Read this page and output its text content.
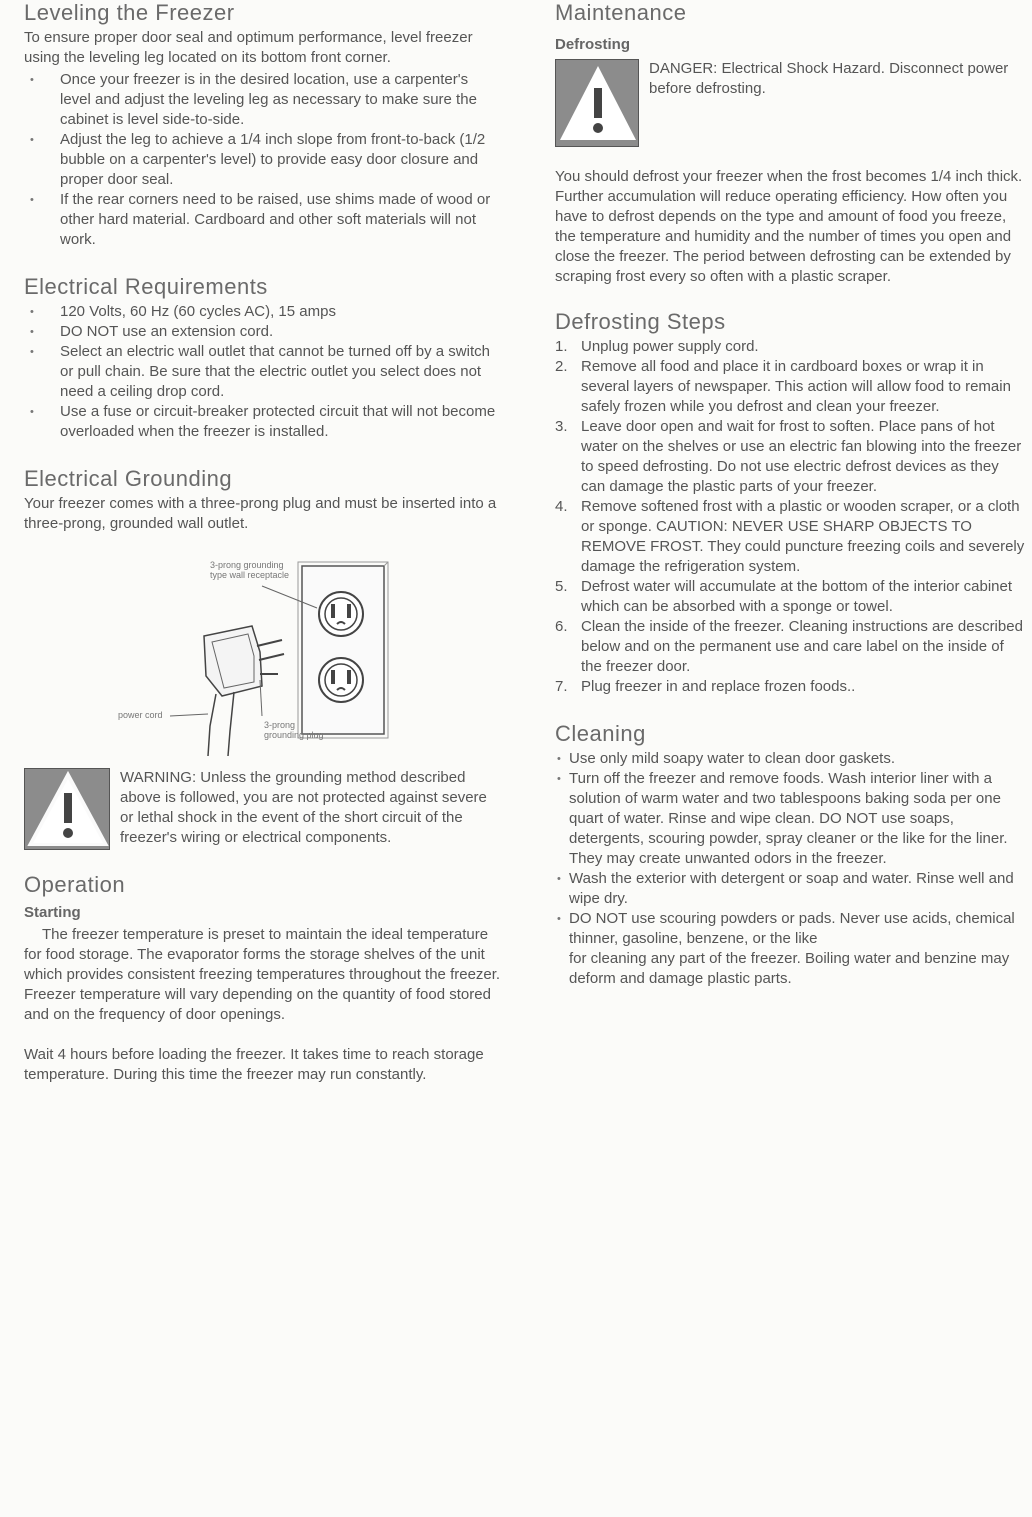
Leveling the Freezer

To ensure proper door seal and optimum performance, level freezer using the leveling leg located on its bottom front corner.

• Once your freezer is in the desired location, use a carpenter's level and adjust the leveling leg as necessary to make sure the cabinet is level side-to-side.
• Adjust the leg to achieve a 1/4 inch slope from front-to-back (1/2 bubble on a carpenter's level) to provide easy door closure and proper door seal.
• If the rear corners need to be raised, use shims made of wood or other hard material. Cardboard and other soft materials will not work.
Electrical Requirements
• 120 Volts, 60 Hz (60 cycles AC), 15 amps
• DO NOT use an extension cord.
• Select an electric wall outlet that cannot be turned off by a switch or pull chain. Be sure that the electric outlet you select does not need a ceiling drop cord.
• Use a fuse or circuit-breaker protected circuit that will not become overloaded when the freezer is installed.
Electrical Grounding

Your freezer comes with a three-prong plug and must be inserted into a three-prong, grounded wall outlet.

3-prong grounding
type wall receptacle
power cord
3-prong
grounding plug
WARNING: Unless the grounding method described above is followed, you are not protected against severe or lethal shock in the event of the short circuit of the freezer's wiring or electrical components.
Operation
Starting

The freezer temperature is preset to maintain the ideal temperature for food storage. The evaporator forms the storage shelves of the unit which provides consistent freezing temperatures throughout the freezer. Freezer temperature will vary depending on the quantity of food stored and on the frequency of door openings.

Wait 4 hours before loading the freezer. It takes time to reach storage temperature. During this time the freezer may run constantly.

Maintenance
Defrosting
DANGER: Electrical Shock Hazard. Disconnect power before defrosting.

You should defrost your freezer when the frost becomes 1/4 inch thick. Further accumulation will reduce operating efficiency. How often you have to defrost depends on the type and amount of food you freeze, the temperature and humidity and the number of times you open and close the freezer. The period between defrosting can be extended by scraping frost every so often with a plastic scraper.

Defrosting Steps
1. Unplug power supply cord.
2. Remove all food and place it in cardboard boxes or wrap it in several layers of newspaper. This action will allow food to remain safely frozen while you defrost and clean your freezer.
3. Leave door open and wait for frost to soften. Place pans of hot water on the shelves or use an electric fan blowing into the freezer to speed defrosting. Do not use electric defrost devices as they can damage the plastic parts of your freezer.
4. Remove softened frost with a plastic or wooden scraper, or a cloth or sponge. CAUTION: NEVER USE SHARP OBJECTS TO REMOVE FROST. They could puncture freezing coils and severely damage the refrigeration system.
5. Defrost water will accumulate at the bottom of the interior cabinet which can be absorbed with a sponge or towel.
6. Clean the inside of the freezer. Cleaning instructions are described below and on the permanent use and care label on the inside of the freezer door.
7. Plug freezer in and replace frozen foods..
Cleaning
• Use only mild soapy water to clean door gaskets.
• Turn off the freezer and remove foods. Wash interior liner with a solution of warm water and two tablespoons baking soda per one quart of water. Rinse and wipe clean. DO NOT use soaps, detergents, scouring powder, spray cleaner or the like for the liner. They may create unwanted odors in the freezer.
• Wash the exterior with detergent or soap and water. Rinse well and wipe dry.
• DO NOT use scouring powders or pads. Never use acids, chemical thinner, gasoline, benzene, or the like

for cleaning any part of the freezer. Boiling water and benzine may deform and damage plastic parts.
